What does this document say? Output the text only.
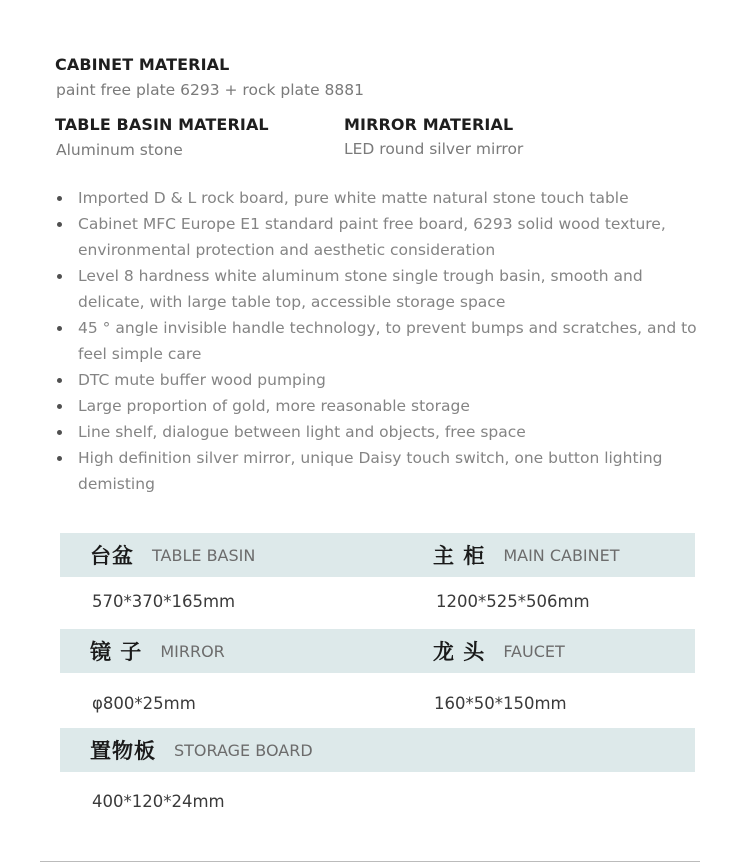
CABINET MATERIAL
paint free plate 6293 + rock plate 8881
TABLE BASIN MATERIAL
Aluminum stone
MIRROR MATERIAL
LED round silver mirror
Imported D & L rock board, pure white matte natural stone touch table
Cabinet MFC Europe E1 standard paint free board, 6293 solid wood texture, environmental protection and aesthetic consideration
Level 8 hardness white aluminum stone single trough basin, smooth and delicate, with large table top, accessible storage space
45 ° angle invisible handle technology, to prevent bumps and scratches, and to feel simple care
DTC mute buffer wood pumping
Large proportion of gold, more reasonable storage
Line shelf, dialogue between light and objects, free space
High definition silver mirror, unique Daisy touch switch, one button lighting demisting
台盆 TABLE BASIN	主 柜 MAIN CABINET
570*370*165mm	1200*525*506mm
镜 子 MIRROR	龙 头 FAUCET
φ800*25mm	160*50*150mm
置物板 STORAGE BOARD
400*120*24mm
